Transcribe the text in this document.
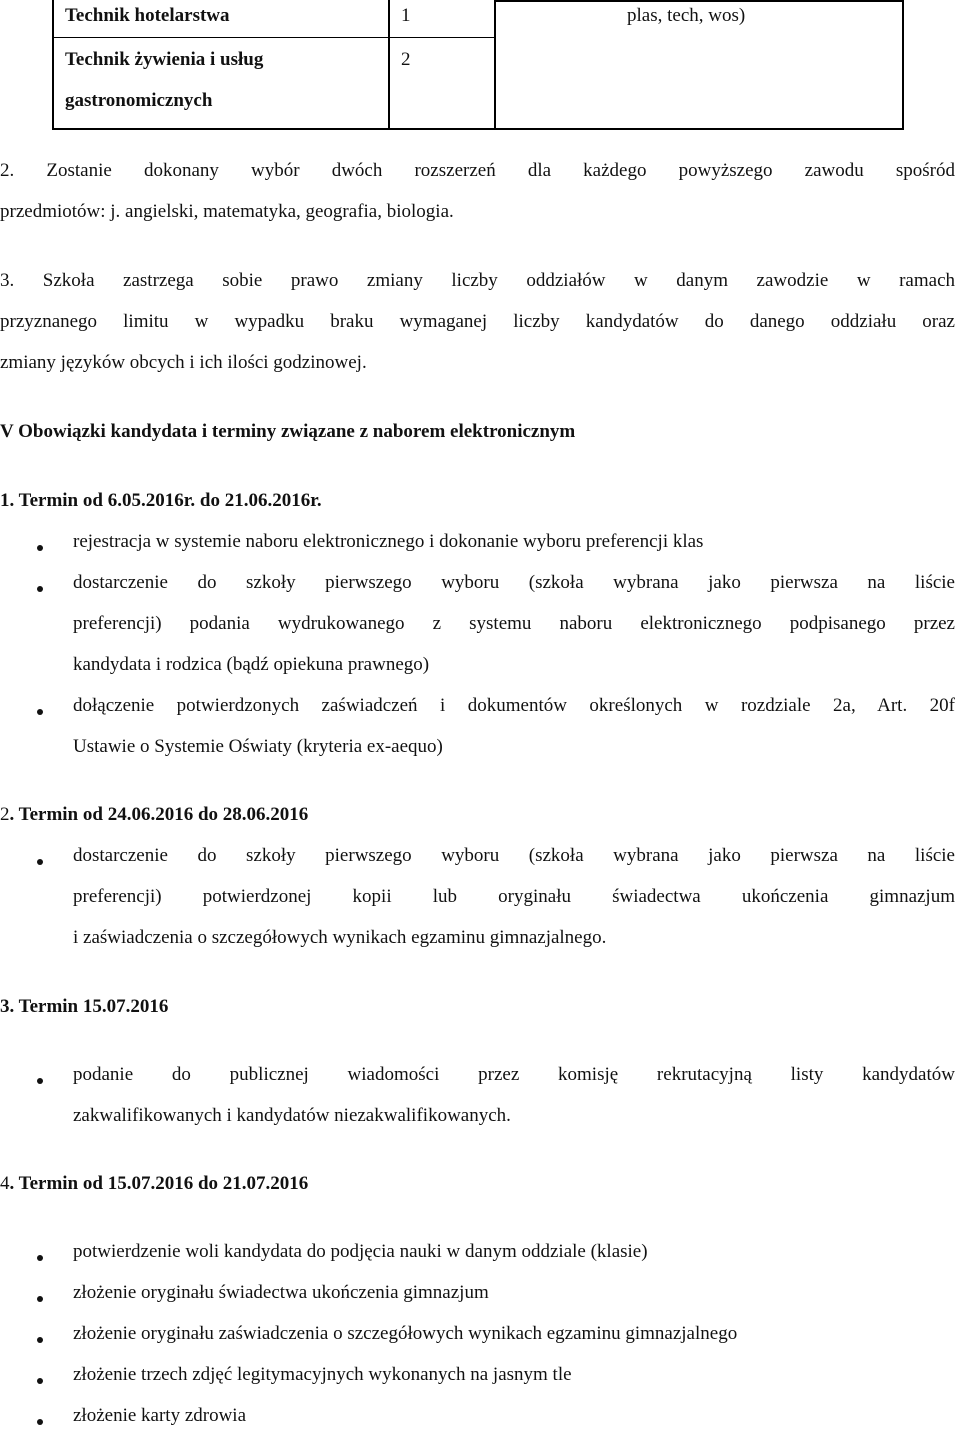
Technik hotelarstwa	1	plas, tech, wos)
Technik żywienia i usług
gastronomicznych
2
2. Zostanie dokonany wybór dwóch rozszerzeń dla każdego powyższego zawodu spośród
przedmiotów: j. angielski, matematyka, geografia, biologia.
3. Szkoła zastrzega sobie prawo zmiany liczby oddziałów w danym zawodzie w ramach
przyznanego limitu w wypadku braku wymaganej liczby kandydatów do danego oddziału oraz
zmiany języków obcych i ich ilości godzinowej.
V Obowiązki kandydata i terminy związane z naborem elektronicznym
1. Termin od 6.05.2016r. do 21.06.2016r.
rejestracja w systemie naboru elektronicznego i dokonanie wyboru preferencji klas
dostarczenie do szkoły pierwszego wyboru (szkoła wybrana jako pierwsza na liście
preferencji) podania wydrukowanego z systemu naboru elektronicznego podpisanego przez
kandydata i rodzica (bądź opiekuna prawnego)
dołączenie potwierdzonych zaświadczeń i dokumentów określonych w rozdziale 2a, Art. 20f
Ustawie o Systemie Oświaty (kryteria ex-aequo)
2. Termin od 24.06.2016 do 28.06.2016
dostarczenie do szkoły pierwszego wyboru (szkoła wybrana jako pierwsza na liście
preferencji) potwierdzonej kopii lub oryginału świadectwa ukończenia gimnazjum
i zaświadczenia o szczegółowych wynikach egzaminu gimnazjalnego.
3. Termin 15.07.2016
podanie do publicznej wiadomości przez komisję rekrutacyjną listy kandydatów
zakwalifikowanych i kandydatów niezakwalifikowanych.
4. Termin od 15.07.2016 do 21.07.2016
potwierdzenie woli kandydata do podjęcia nauki w danym oddziale (klasie)
złożenie oryginału świadectwa ukończenia gimnazjum
złożenie oryginału zaświadczenia o szczegółowych wynikach egzaminu gimnazjalnego
złożenie trzech zdjęć legitymacyjnych wykonanych na jasnym tle
złożenie karty zdrowia
